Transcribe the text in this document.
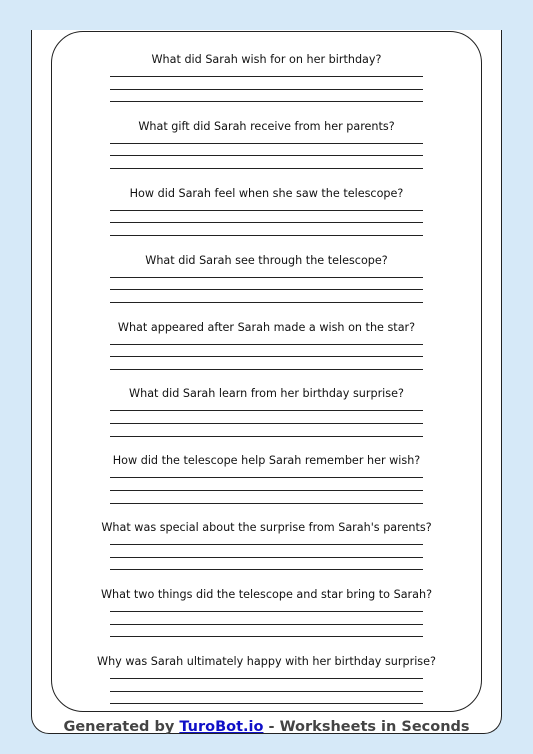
What did Sarah wish for on her birthday?
What gift did Sarah receive from her parents?
How did Sarah feel when she saw the telescope?
What did Sarah see through the telescope?
What appeared after Sarah made a wish on the star?
What did Sarah learn from her birthday surprise?
How did the telescope help Sarah remember her wish?
What was special about the surprise from Sarah's parents?
What two things did the telescope and star bring to Sarah?
Why was Sarah ultimately happy with her birthday surprise?
Generated by TuroBot.io - Worksheets in Seconds
